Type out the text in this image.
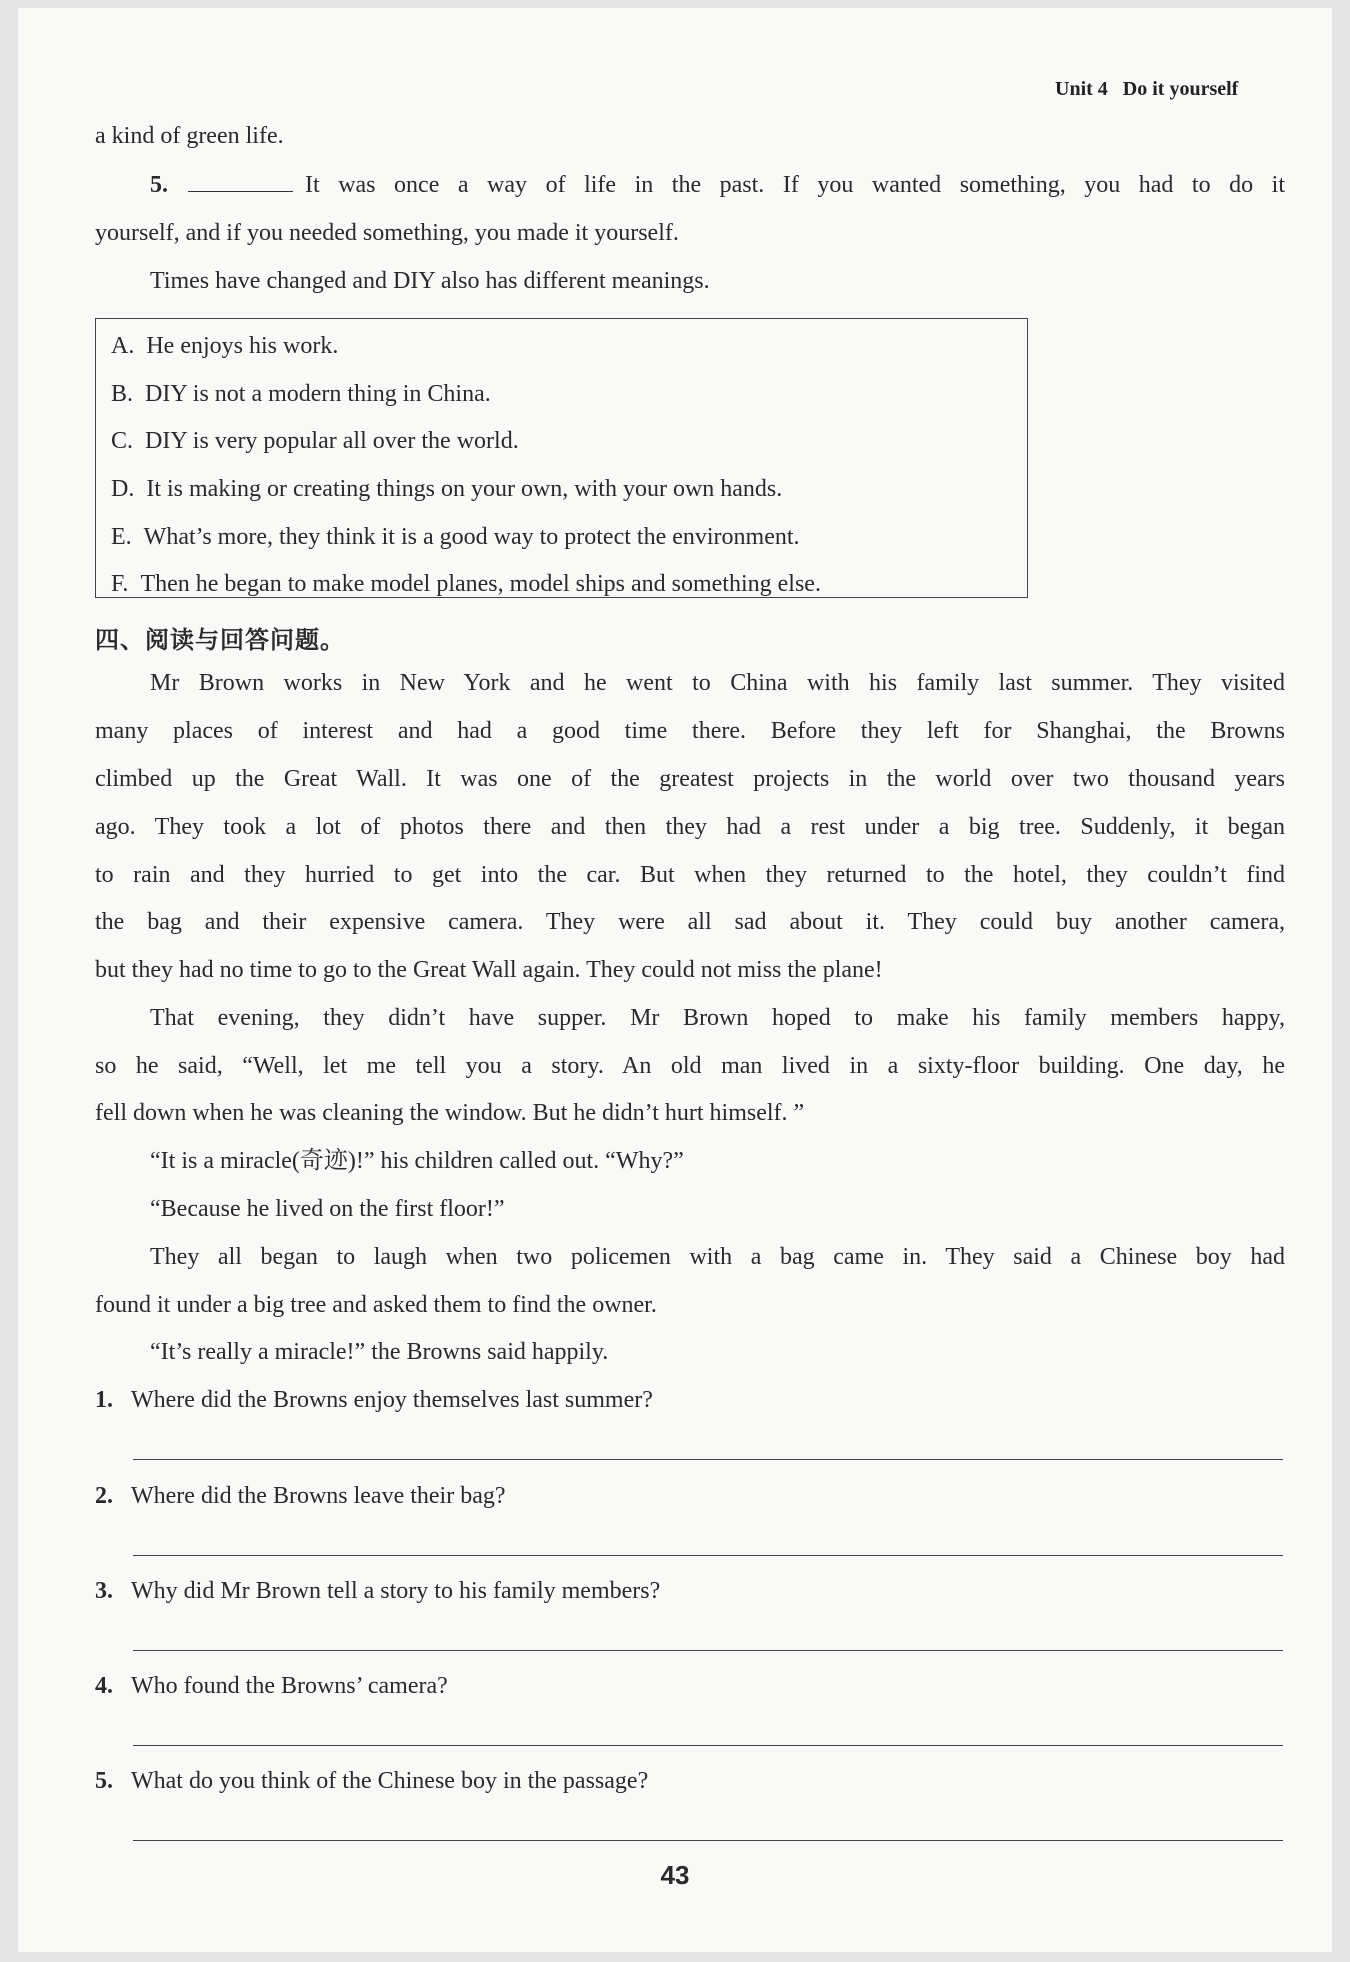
Unit 4 Do it yourself
a kind of green life.
5.	It was once a way of life in the past. If you wanted something, you had to do it
yourself, and if you needed something, you made it yourself.
Times have changed and DIY also has different meanings.
A. He enjoys his work.
B. DIY is not a modern thing in China.
C. DIY is very popular all over the world.
D. It is making or creating things on your own, with your own hands.
E. What’s more, they think it is a good way to protect the environment.
F. Then he began to make model planes, model ships and something else.
四、阅读与回答问题。
Mr Brown works in New York and he went to China with his family last summer. They visited
many places of interest and had a good time there. Before they left for Shanghai, the Browns
climbed up the Great Wall. It was one of the greatest projects in the world over two thousand years
ago. They took a lot of photos there and then they had a rest under a big tree. Suddenly, it began
to rain and they hurried to get into the car. But when they returned to the hotel, they couldn’t find
the bag and their expensive camera. They were all sad about it. They could buy another camera,
but they had no time to go to the Great Wall again. They could not miss the plane!
That evening, they didn’t have supper. Mr Brown hoped to make his family members happy,
so he said, “Well, let me tell you a story. An old man lived in a sixty-floor building. One day, he
fell down when he was cleaning the window. But he didn’t hurt himself. ”
“It is a miracle(奇迹)!” his children called out. “Why?”
“Because he lived on the first floor!”
They all began to laugh when two policemen with a bag came in. They said a Chinese boy had
found it under a big tree and asked them to find the owner.
“It’s really a miracle!” the Browns said happily.
1. Where did the Browns enjoy themselves last summer?
2. Where did the Browns leave their bag?
3. Why did Mr Brown tell a story to his family members?
4. Who found the Browns’ camera?
5. What do you think of the Chinese boy in the passage?
43
